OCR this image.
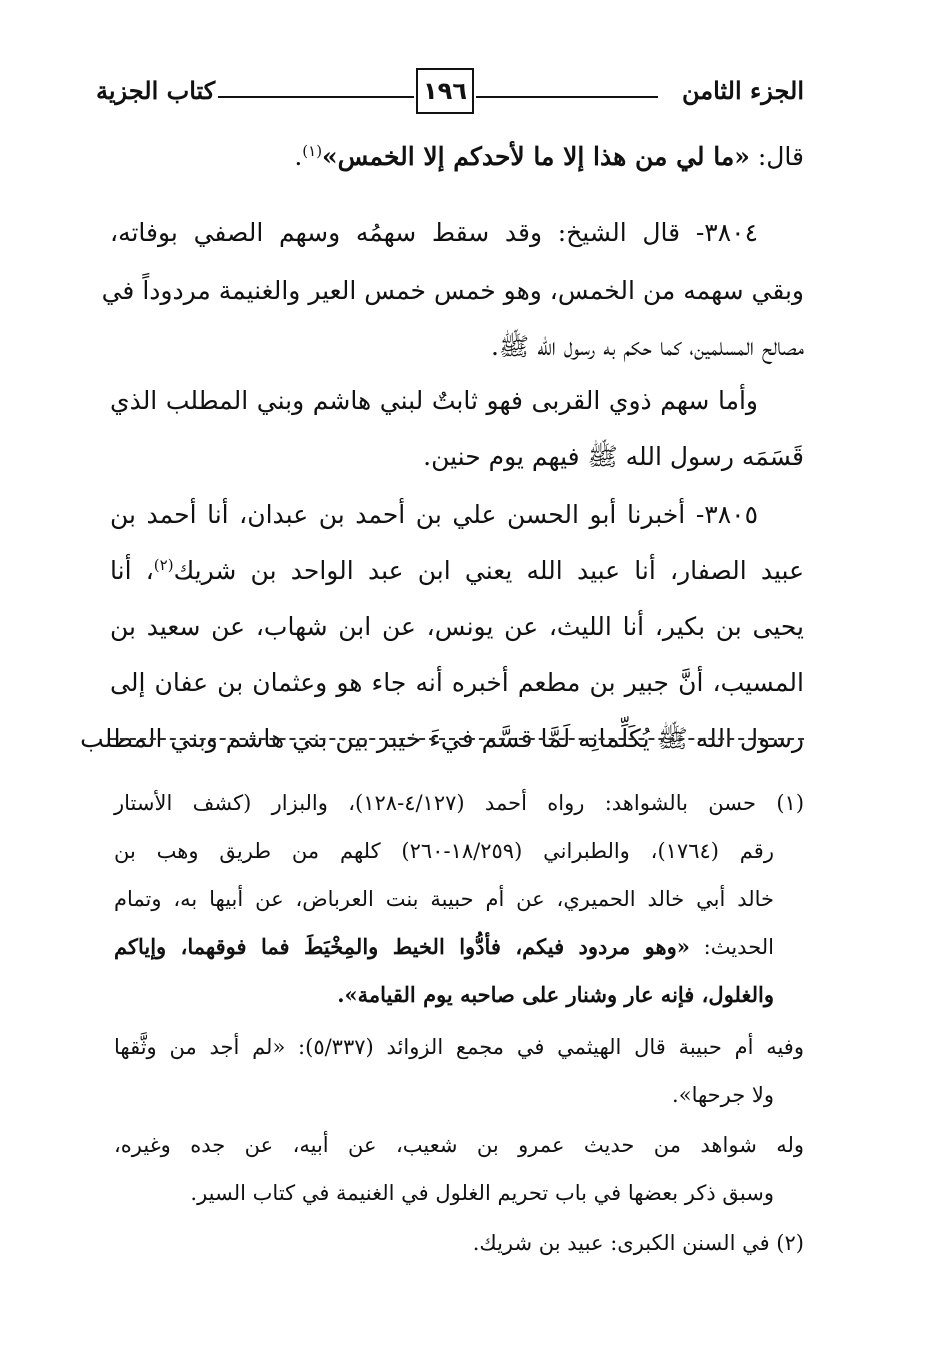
الجزء الثامن
١٩٦
كتاب الجزية
قال: «ما لي من هذا إلا ما لأحدكم إلا الخمس»$^{(١)}$.
٣٨٠٤- قال الشيخ: وقد سقط سهمُه وسهم الصفي بوفاته،
وبقي سهمه من الخمس، وهو خمس خمس العير والغنيمة مردوداً في
مصالح المسلمين، كما حكم به رسول الله ﷺ.
وأما سهم ذوي القربى فهو ثابتٌ لبني هاشم وبني المطلب الذي
قَسَمَه رسول الله ﷺ فيهم يوم حنين.
٣٨٠٥- أخبرنا أبو الحسن علي بن أحمد بن عبدان، أنا أحمد بن
عبيد الصفار، أنا عبيد الله يعني ابن عبد الواحد بن شريك$^{(٢)}$، أنا
يحيى بن بكير، أنا الليث، عن يونس، عن ابن شهاب، عن سعيد بن
المسيب، أنَّ جبير بن مطعم أخبره أنه جاء هو وعثمان بن عفان إلى
رسول الله ﷺ يُكَلِّمانِه لَمَّا قسَّم فيءَ خيبر بين بني هاشم وبني المطلب
(١) حسن بالشواهد: رواه أحمد (٤/١٢٧-١٢٨)، والبزار (كشف الأستار
رقم (١٧٦٤)، والطبراني (١٨/٢٥٩-٢٦٠) كلهم من طريق وهب بن
خالد أبي خالد الحميري، عن أم حبيبة بنت العرباض، عن أبيها به، وتمام
الحديث: «وهو مردود فيكم، فأدُّوا الخيط والمِخْيَطَ فما فوقهما، وإياكم
والغلول، فإنه عار وشنار على صاحبه يوم القيامة».
وفيه أم حبيبة قال الهيثمي في مجمع الزوائد (٥/٣٣٧): «لم أجد من وثَّقها
ولا جرحها».
وله شواهد من حديث عمرو بن شعيب، عن أبيه، عن جده وغيره،
وسبق ذكر بعضها في باب تحريم الغلول في الغنيمة في كتاب السير.
(٢) في السنن الكبرى: عبيد بن شريك.
